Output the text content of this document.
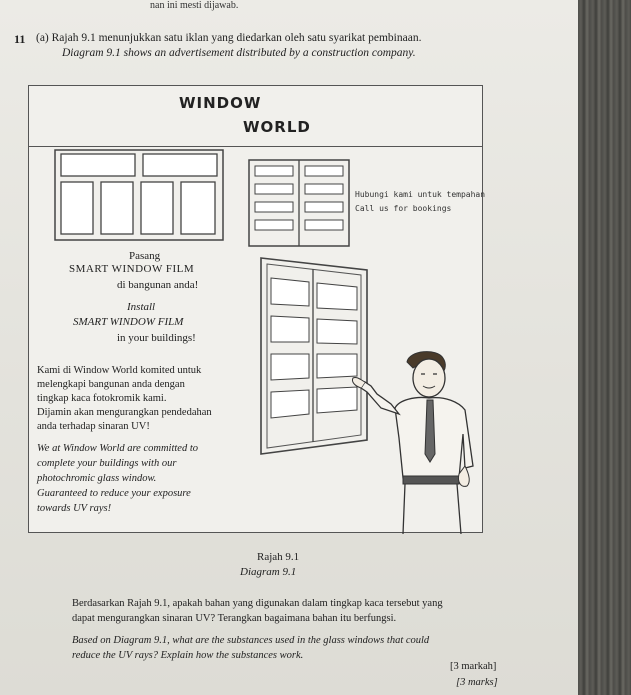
nan ini mesti dijawab.
11 (a) Rajah 9.1 menunjukkan satu iklan yang diedarkan oleh satu syarikat pembinaan.
Diagram 9.1 shows an advertisement distributed by a construction company.
WINDOW
WORLD
Hubungi kami untuk tempahan
Call us for bookings
Pasang
SMART WINDOW FILM
di bangunan anda!
Install
SMART WINDOW FILM
in your buildings!
Kami di Window World komited untuk
melengkapi bangunan anda dengan
tingkap kaca fotokromik kami.
Dijamin akan mengurangkan pendedahan
anda terhadap sinaran UV!
We at Window World are committed to
complete your buildings with our
photochromic glass window.
Guaranteed to reduce your exposure
towards UV rays!
Rajah 9.1
Diagram 9.1
Berdasarkan Rajah 9.1, apakah bahan yang digunakan dalam tingkap kaca tersebut yang
dapat mengurangkan sinaran UV? Terangkan bagaimana bahan itu berfungsi.
Based on Diagram 9.1, what are the substances used in the glass windows that could
reduce the UV rays? Explain how the substances work.
[3 markah]
[3 marks]
